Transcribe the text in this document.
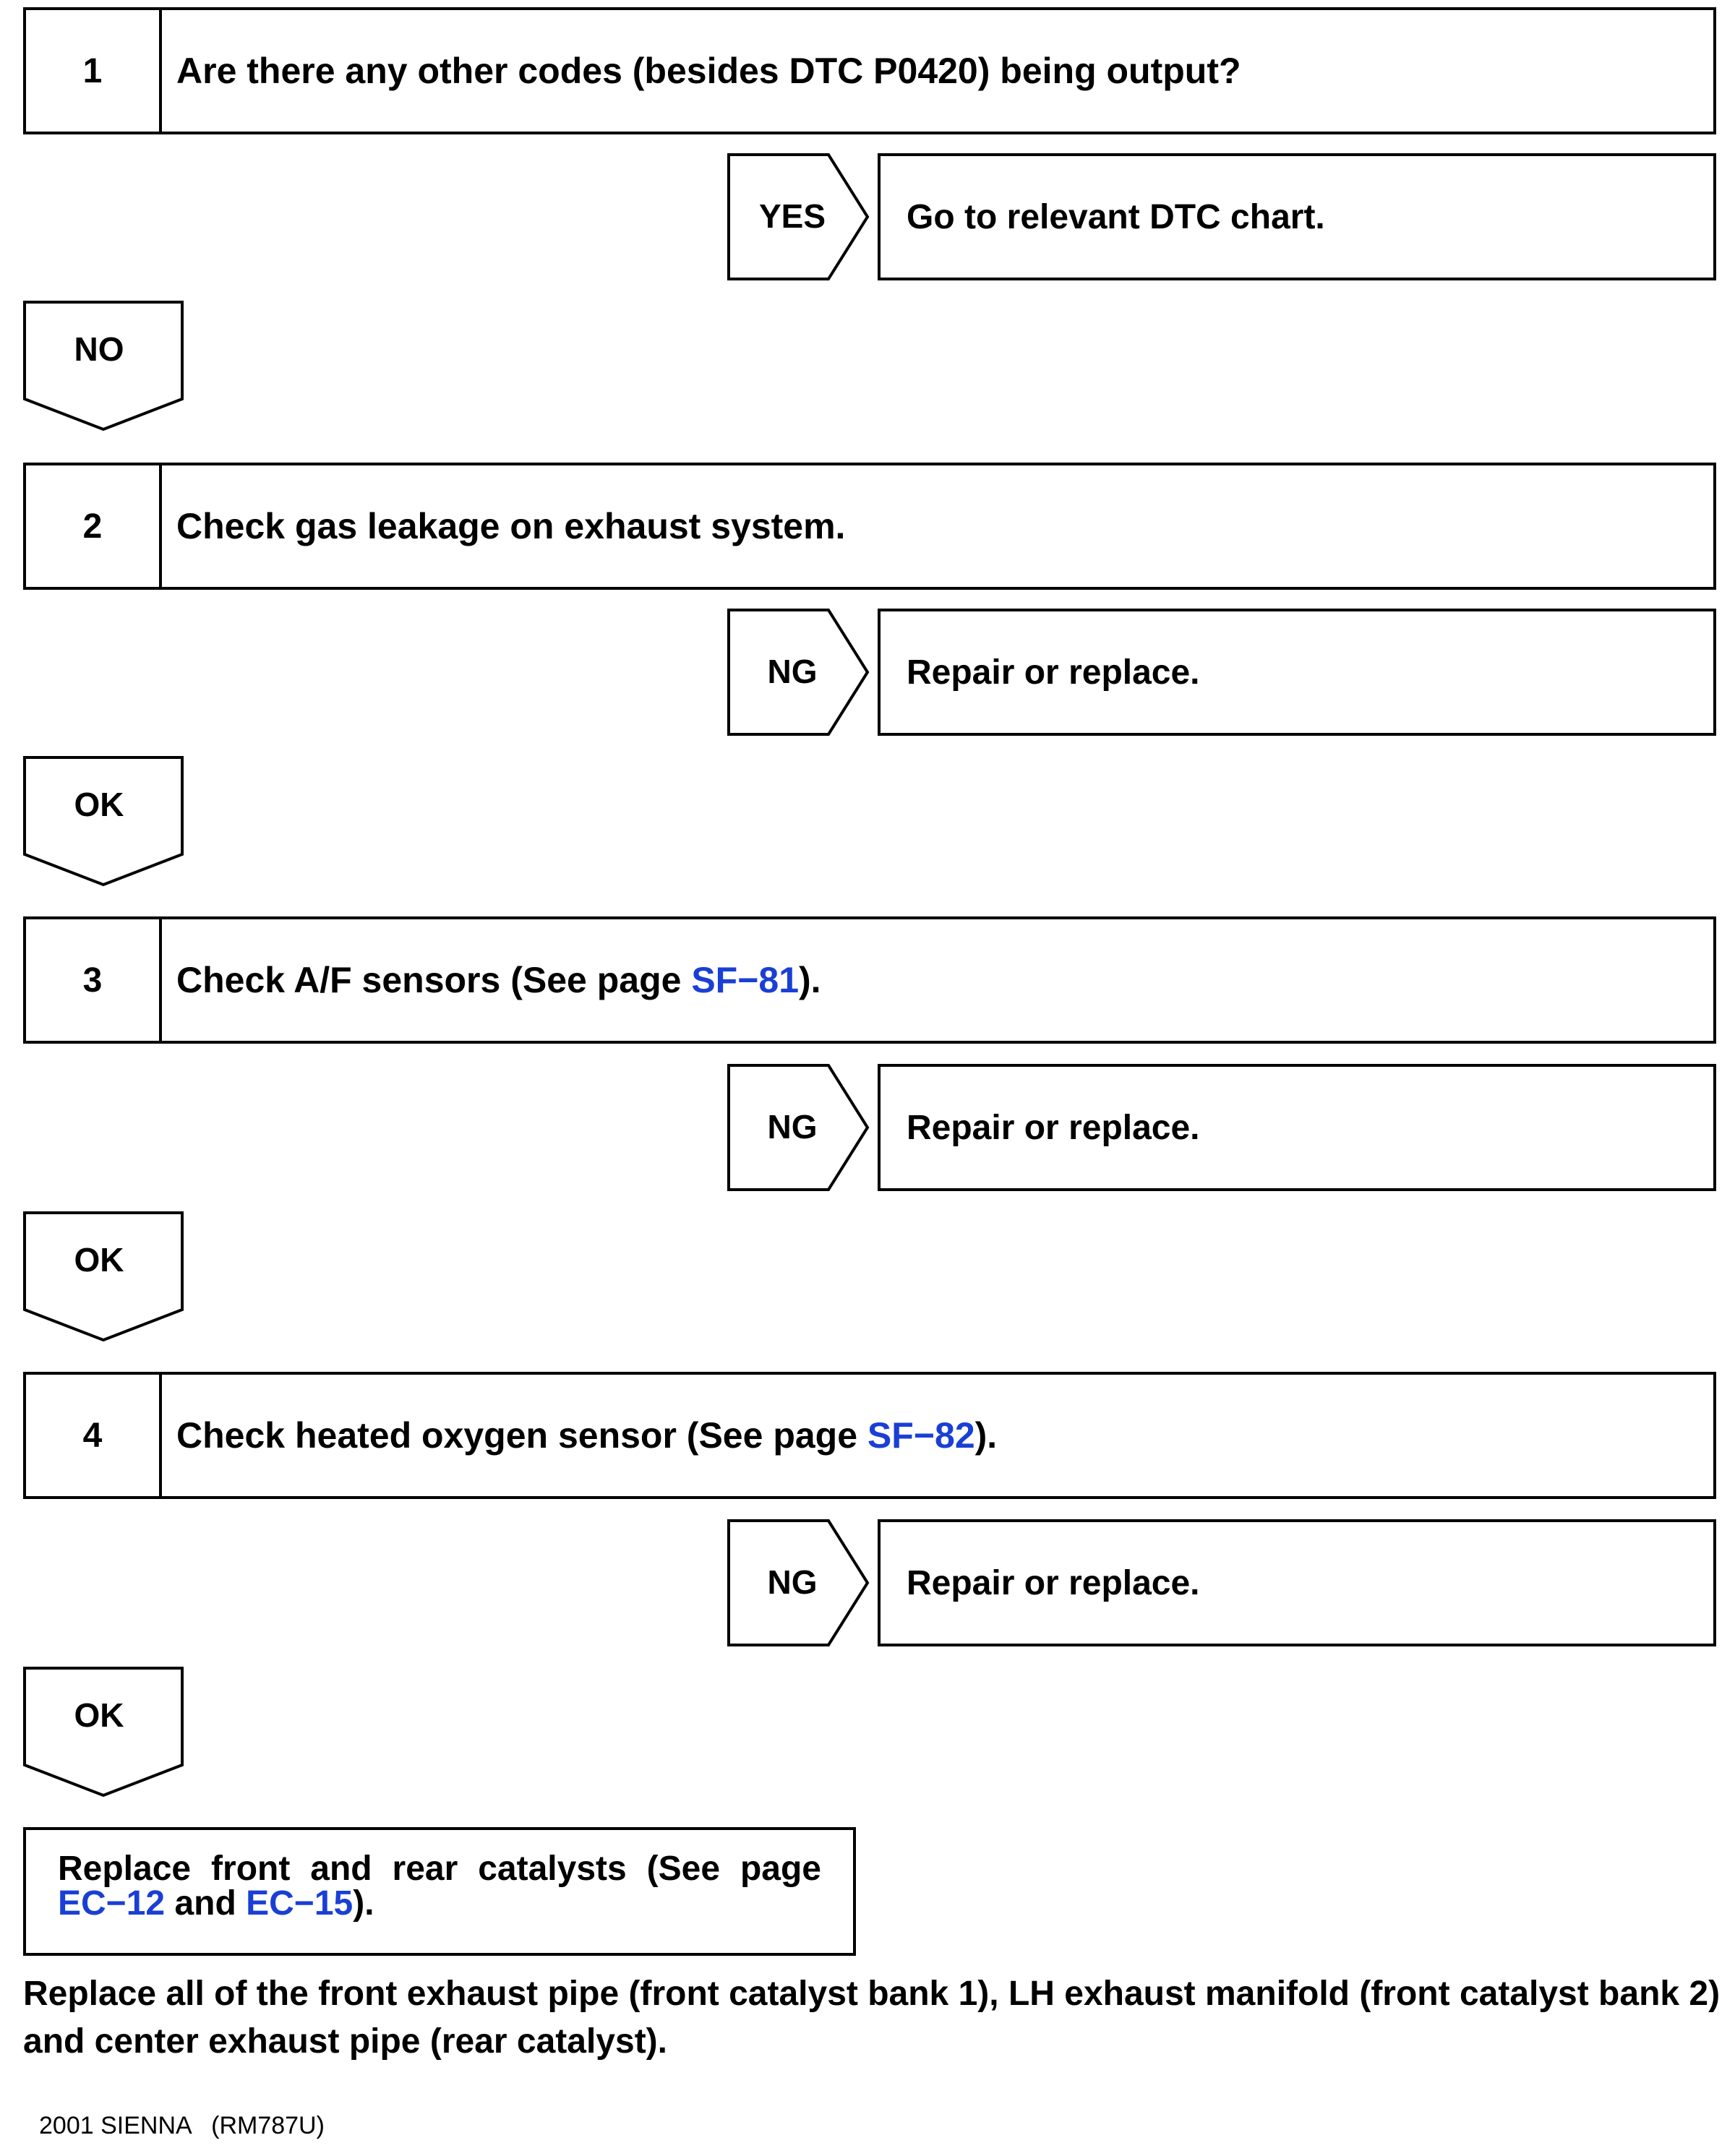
1	Are there any other codes (besides DTC P0420) being output?
YES	Go to relevant DTC chart.
NO
2	Check gas leakage on exhaust system.
NG	Repair or replace.
OK
3	Check A/F sensors (See page SF−81).
NG	Repair or replace.
OK
4	Check heated oxygen sensor (See page SF−82).
NG	Repair or replace.
OK
Replace front and rear catalysts (See page
EC−12 and EC−15).
Replace all of the front exhaust pipe (front catalyst bank 1), LH exhaust manifold (front catalyst bank 2) and center exhaust pipe (rear catalyst).
2001 SIENNA   (RM787U)
